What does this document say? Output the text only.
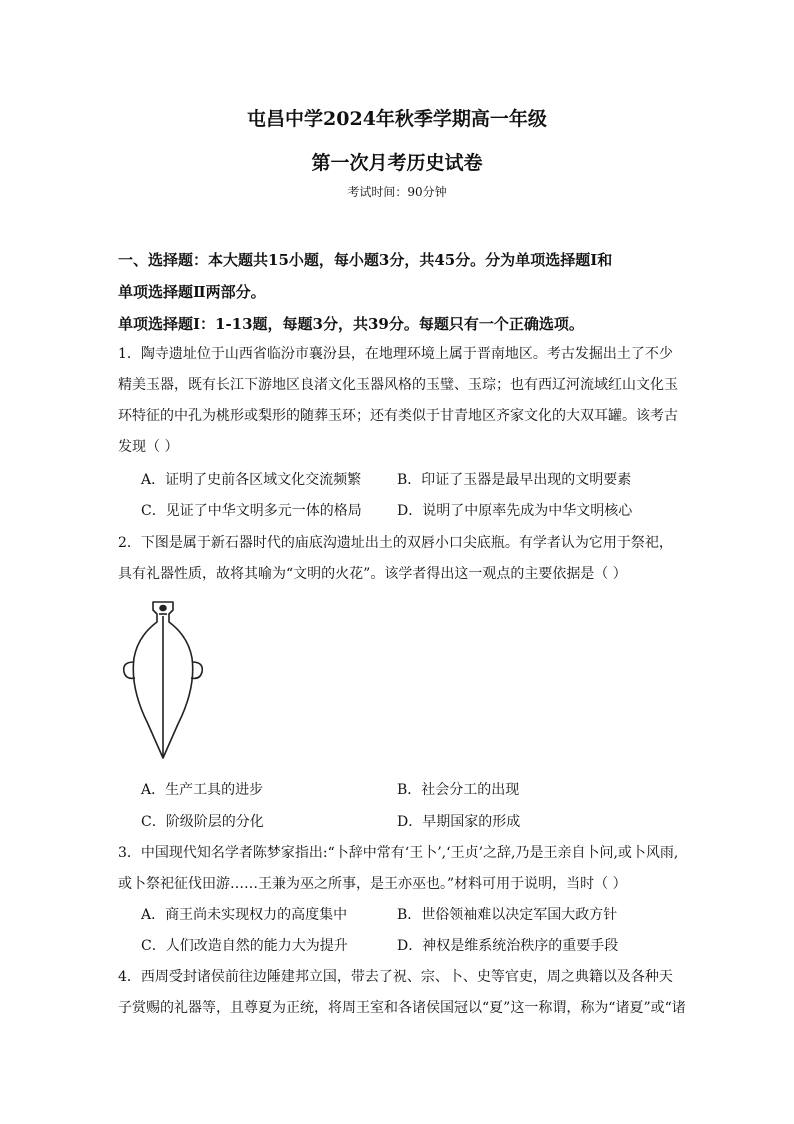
屯昌中学2024年秋季学期高一年级
第一次月考历史试卷
考试时间：90分钟
一、选择题：本大题共15小题，每小题3分，共45分。分为单项选择题I和
单项选择题Ⅱ两部分。
单项选择题I：1-13题，每题3分，共39分。每题只有一个正确选项。
1．陶寺遗址位于山西省临汾市襄汾县，在地理环境上属于晋南地区。考古发掘出土了不少
精美玉器，既有长江下游地区良渚文化玉器风格的玉璧、玉琮；也有西辽河流域红山文化玉
环特征的中孔为桃形或梨形的随葬玉环；还有类似于甘青地区齐家文化的大双耳罐。该考古
发现（ ）
A．证明了史前各区域文化交流频繁	B．印证了玉器是最早出现的文明要素
C．见证了中华文明多元一体的格局	D．说明了中原率先成为中华文明核心
2．下图是属于新石器时代的庙底沟遗址出土的双唇小口尖底瓶。有学者认为它用于祭祀，
具有礼器性质，故将其喻为“文明的火花”。该学者得出这一观点的主要依据是（ ）
A．生产工具的进步	B．社会分工的出现
C．阶级阶层的分化	D．早期国家的形成
3．中国现代知名学者陈梦家指出:“卜辞中常有‘王卜’,‘王贞’之辞,乃是王亲自卜问,或卜风雨,
或卜祭祀征伐田游……王兼为巫之所事，是王亦巫也。”材料可用于说明，当时（ ）
A．商王尚未实现权力的高度集中	B．世俗领袖难以决定军国大政方针
C．人们改造自然的能力大为提升	D．神权是维系统治秩序的重要手段
4．西周受封诸侯前往边陲建邦立国，带去了祝、宗、卜、史等官吏，周之典籍以及各种天
子赏赐的礼器等，且尊夏为正统，将周王室和各诸侯国冠以“夏”这一称谓，称为“诸夏”或“诸
